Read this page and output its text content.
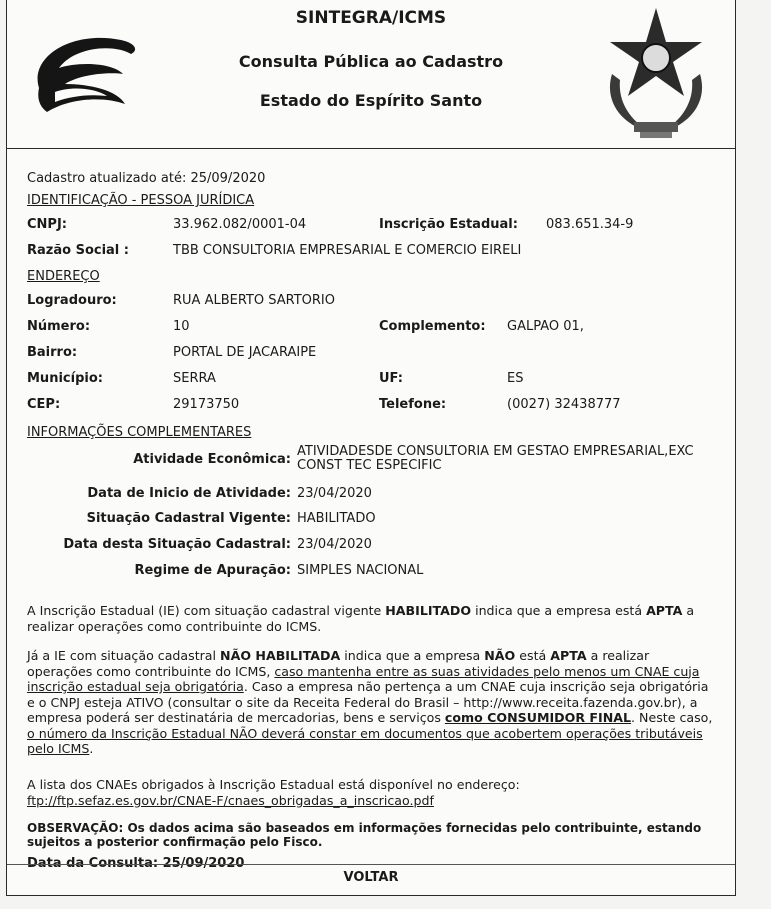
SINTEGRA/ICMS
Consulta Pública ao Cadastro
Estado do Espírito Santo
Cadastro atualizado até: 25/09/2020
IDENTIFICAÇÃO - PESSOA JURÍDICA
CNPJ:	33.962.082/0001-04	Inscrição Estadual: 083.651.34-9
Razão Social :	TBB CONSULTORIA EMPRESARIAL E COMERCIO EIRELI
ENDEREÇO
Logradouro:	RUA ALBERTO SARTORIO
Número:	10	Complemento: GALPAO 01,
Bairro:	PORTAL DE JACARAIPE
Município:	SERRA	UF:	ES
CEP:	29173750	Telefone:	(0027) 32438777
INFORMAÇÕES COMPLEMENTARES
Atividade Econômica:
ATIVIDADESDE CONSULTORIA EM GESTAO EMPRESARIAL,EXC
CONST TEC ESPECIFIC
Data de Inicio de Atividade: 23/04/2020
Situação Cadastral Vigente: HABILITADO
Data desta Situação Cadastral: 23/04/2020
Regime de Apuração: SIMPLES NACIONAL
A Inscrição Estadual (IE) com situação cadastral vigente HABILITADO indica que a empresa está APTA a realizar operações como contribuinte do ICMS.
Já a IE com situação cadastral NÃO HABILITADA indica que a empresa NÃO está APTA a realizar operações como contribuinte do ICMS, caso mantenha entre as suas atividades pelo menos um CNAE cuja inscrição estadual seja obrigatória. Caso a empresa não pertença a um CNAE cuja inscrição seja obrigatória e o CNPJ esteja ATIVO (consultar o site da Receita Federal do Brasil – http://www.receita.fazenda.gov.br), a empresa poderá ser destinatária de mercadorias, bens e serviços como CONSUMIDOR FINAL. Neste caso, o número da Inscrição Estadual NÃO deverá constar em documentos que acobertem operações tributáveis pelo ICMS.
A lista dos CNAEs obrigados à Inscrição Estadual está disponível no endereço:
ftp://ftp.sefaz.es.gov.br/CNAE-F/cnaes_obrigadas_a_inscricao.pdf
OBSERVAÇÃO: Os dados acima são baseados em informações fornecidas pelo contribuinte, estando sujeitos a posterior confirmação pelo Fisco.
Data da Consulta: 25/09/2020
VOLTAR
